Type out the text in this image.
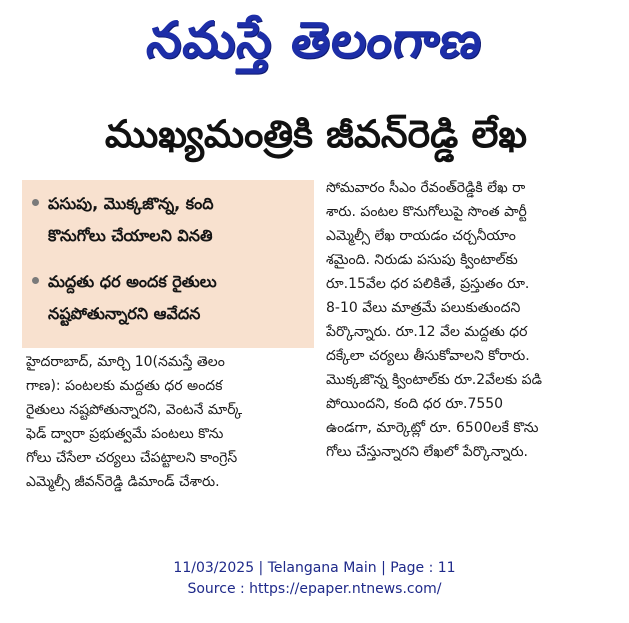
నమస్తే తెలంగాణ
ముఖ్యమంత్రికి జీవన్‌రెడ్డి లేఖ
పసుపు, మొక్కజొన్న, కంది
కొనుగోలు చేయాలని వినతి
మద్దతు ధర అందక రైతులు
నష్టపోతున్నారని ఆవేదన
హైదరాబాద్, మార్చి 10(నమస్తే తెలం
గాణ): పంటలకు మద్దతు ధర అందక
రైతులు నష్టపోతున్నారని, వెంటనే మార్క్
ఫెడ్ ద్వారా ప్రభుత్వమే పంటలు కొను
గోలు చేసేలా చర్యలు చేపట్టాలని కాంగ్రెస్
ఎమ్మెల్సీ జీవన్‌రెడ్డి డిమాండ్ చేశారు.
సోమవారం సీఎం రేవంత్‌రెడ్డికి లేఖ రా
శారు. పంటల కొనుగోలుపై సొంత పార్టీ
ఎమ్మెల్సీ లేఖ రాయడం చర్చనీయాం
శమైంది. నిరుడు పసుపు క్వింటాల్‌కు
రూ.15వేల ధర పలికితే, ప్రస్తుతం రూ.
8-10 వేలు మాత్రమే పలుకుతుందని
పేర్కొన్నారు. రూ.12 వేల మద్దతు ధర
దక్కేలా చర్యలు తీసుకోవాలని కోరారు.
మొక్కజొన్న క్వింటాల్‌కు రూ.2వేలకు పడి
పోయిందని, కంది ధర రూ.7550
ఉండగా, మార్కెట్లో రూ. 6500లకే కొను
గోలు చేస్తున్నారని లేఖలో పేర్కొన్నారు.
11/03/2025 | Telangana Main | Page : 11
Source : https://epaper.ntnews.com/
